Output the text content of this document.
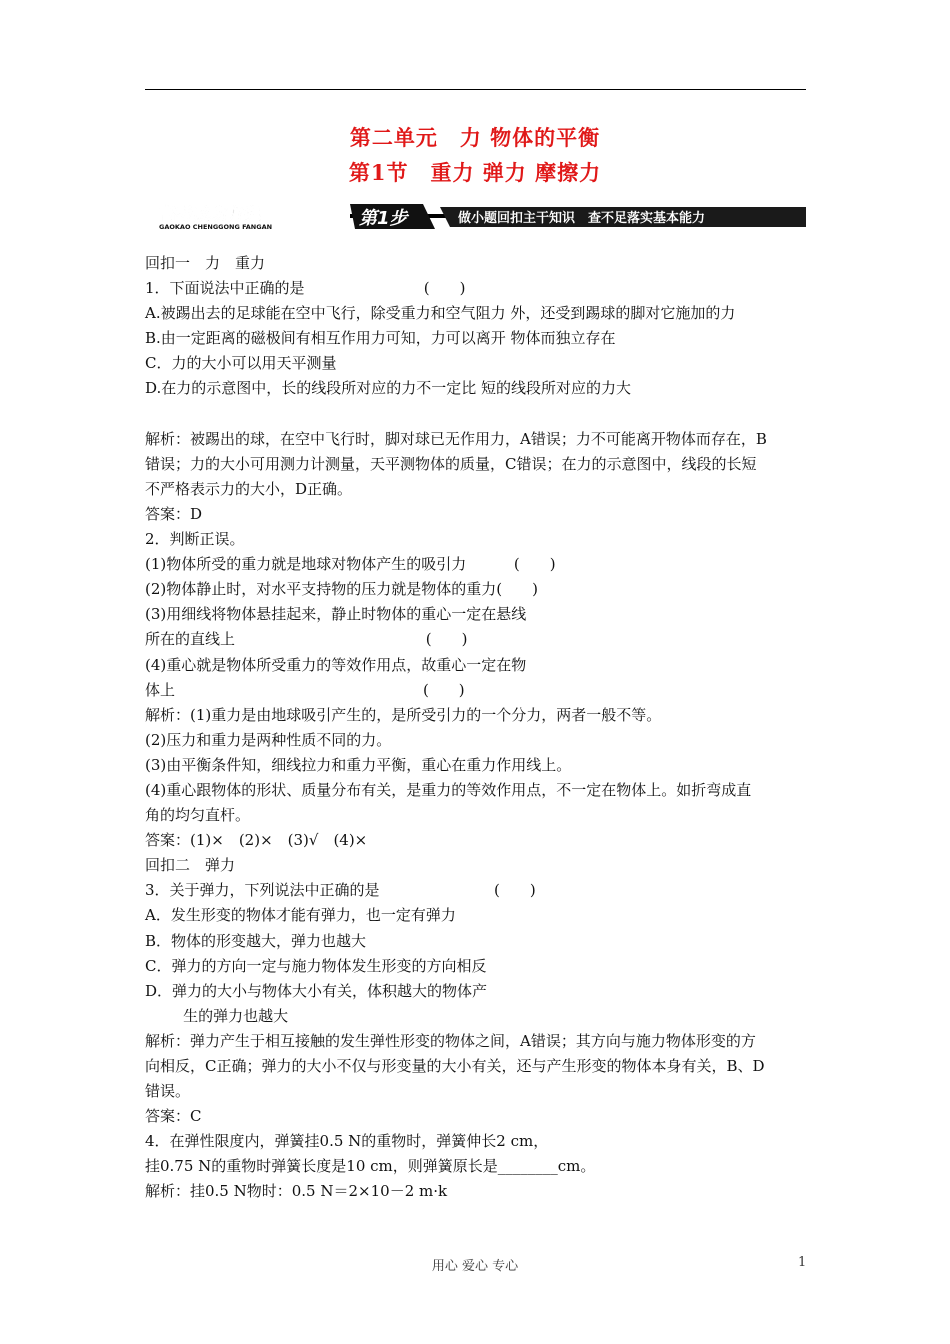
第二单元　力 物体的平衡
第1节　重力 弹力 摩擦力
高考成功方案
GAOKAO CHENGGONG FANGAN	第1步	做小题回扣主干知识　查不足落实基本能力
回扣一　力　重力
1．下面说法中正确的是                         (　　)
A.被踢出去的足球能在空中飞行，除受重力和空气阻力 外，还受到踢球的脚对它施加的力
B.由一定距离的磁极间有相互作用力可知，力可以离开 物体而独立存在
C．力的大小可以用天平测量
D.在力的示意图中，长的线段所对应的力不一定比 短的线段所对应的力大
解析：被踢出的球，在空中飞行时，脚对球已无作用力，A错误；力不可能离开物体而存在，B
错误；力的大小可用测力计测量，天平测物体的质量，C错误；在力的示意图中，线段的长短
不严格表示力的大小，D正确。
答案：D
2．判断正误。
(1)物体所受的重力就是地球对物体产生的吸引力          (　　)
(2)物体静止时，对水平支持物的压力就是物体的重力(　　)
(3)用细线将物体悬挂起来，静止时物体的重心一定在悬线
所在的直线上                                        (　　)
(4)重心就是物体所受重力的等效作用点，故重心一定在物
体上                                                    (　　)
解析：(1)重力是由地球吸引产生的，是所受引力的一个分力，两者一般不等。
(2)压力和重力是两种性质不同的力。
(3)由平衡条件知，细线拉力和重力平衡，重心在重力作用线上。
(4)重心跟物体的形状、质量分布有关，是重力的等效作用点，不一定在物体上。如折弯成直
角的均匀直杆。
答案：(1)×　(2)×　(3)√　(4)×
回扣二　弹力
3．关于弹力，下列说法中正确的是                        (　　)
A．发生形变的物体才能有弹力，也一定有弹力
B．物体的形变越大，弹力也越大
C．弹力的方向一定与施力物体发生形变的方向相反
D．弹力的大小与物体大小有关，体积越大的物体产
生的弹力也越大
解析：弹力产生于相互接触的发生弹性形变的物体之间，A错误；其方向与施力物体形变的方
向相反，C正确；弹力的大小不仅与形变量的大小有关，还与产生形变的物体本身有关，B、D
错误。
答案：C
4．在弹性限度内，弹簧挂0.5 N的重物时，弹簧伸长2 cm，
挂0.75 N的重物时弹簧长度是10 cm，则弹簧原长是________cm。
解析：挂0.5 N物时：0.5 N＝2×10－2 m·k
用心 爱心 专心	1
